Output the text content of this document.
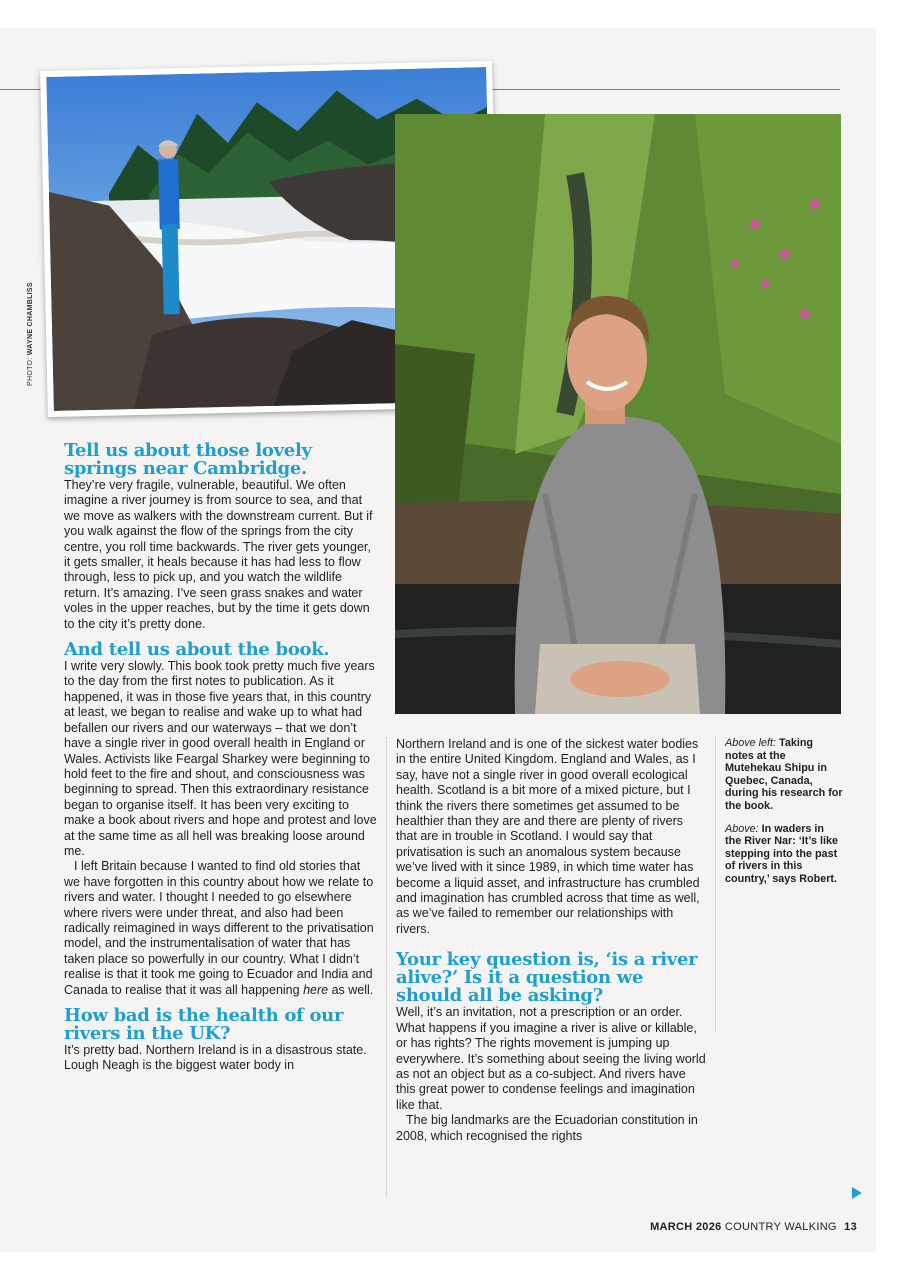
PHOTO: WAYNE CHAMBLISS
Tell us about those lovely springs near Cambridge.

They’re very fragile, vulnerable, beautiful. We often imagine a river journey is from source to sea, and that we move as walkers with the downstream current. But if you walk against the flow of the springs from the city centre, you roll time backwards. The river gets younger, it gets smaller, it heals because it has had less to flow through, less to pick up, and you watch the wildlife return. It’s amazing. I’ve seen grass snakes and water voles in the upper reaches, but by the time it gets down to the city it’s pretty done.

And tell us about the book.

I write very slowly. This book took pretty much five years to the day from the first notes to publication. As it happened, it was in those five years that, in this country at least, we began to realise and wake up to what had befallen our rivers and our waterways – that we don’t have a single river in good overall health in England or Wales. Activists like Feargal Sharkey were beginning to hold feet to the fire and shout, and consciousness was beginning to spread. Then this extraordinary resistance began to organise itself. It has been very exciting to make a book about rivers and hope and protest and love at the same time as all hell was breaking loose around me.

I left Britain because I wanted to find old stories that we have forgotten in this country about how we relate to rivers and water. I thought I needed to go elsewhere where rivers were under threat, and also had been radically reimagined in ways different to the privatisation model, and the instrumentalisation of water that has taken place so powerfully in our country. What I didn’t realise is that it took me going to Ecuador and India and Canada to realise that it was all happening here as well.

How bad is the health of our rivers in the UK?

It’s pretty bad. Northern Ireland is in a disastrous state. Lough Neagh is the biggest water body in

Northern Ireland and is one of the sickest water bodies in the entire United Kingdom. England and Wales, as I say, have not a single river in good overall ecological health. Scotland is a bit more of a mixed picture, but I think the rivers there sometimes get assumed to be healthier than they are and there are plenty of rivers that are in trouble in Scotland. I would say that privatisation is such an anomalous system because we’ve lived with it since 1989, in which time water has become a liquid asset, and infrastructure has crumbled and imagination has crumbled across that time as well, as we’ve failed to remember our relationships with rivers.

Your key question is, ‘is a river alive?’ Is it a question we should all be asking?

Well, it’s an invitation, not a prescription or an order. What happens if you imagine a river is alive or killable, or has rights? The rights movement is jumping up everywhere. It’s something about seeing the living world as not an object but as a co-subject. And rivers have this great power to condense feelings and imagination like that.

The big landmarks are the Ecuadorian constitution in 2008, which recognised the rights

Above left: Taking notes at the Mutehekau Shipu in Quebec, Canada, during his research for the book.

Above: In waders in the River Nar: ‘It’s like stepping into the past of rivers in this country,’ says Robert.

MARCH 2026 COUNTRY WALKING 13
